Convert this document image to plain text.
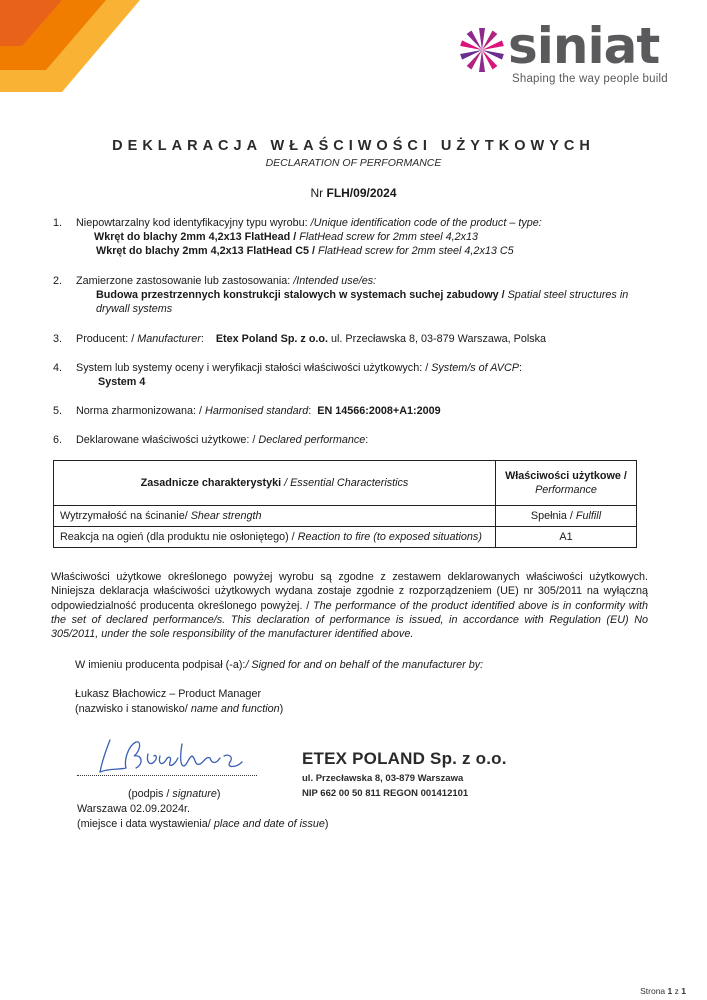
siniat
Shaping the way people build
DEKLARACJA WŁAŚCIWOŚCI UŻYTKOWYCH
DECLARATION OF PERFORMANCE
Nr FLH/09/2024
1.	Niepowtarzalny kod identyfikacyjny typu wyrobu: /Unique identification code of the product – type:
Wkręt do blachy 2mm 4,2x13 FlatHead / FlatHead screw for 2mm steel 4,2x13
Wkręt do blachy 2mm 4,2x13 FlatHead C5 / FlatHead screw for 2mm steel 4,2x13 C5
2.	Zamierzone zastosowanie lub zastosowania: /Intended use/es:
Budowa przestrzennych konstrukcji stalowych w systemach suchej zabudowy / Spatial steel structures in drywall systems
3.	Producent: / Manufacturer: Etex Poland Sp. z o.o. ul. Przecławska 8, 03-879 Warszawa, Polska
4.	System lub systemy oceny i weryfikacji stałości właściwości użytkowych: / System/s of AVCP:
System 4
5.	Norma zharmonizowana: / Harmonised standard: EN 14566:2008+A1:2009
6.	Deklarowane właściwości użytkowe: / Declared performance:
Zasadnicze charakterystyki / Essential Characteristics	Właściwości użytkowe /
Performance
Wytrzymałość na ścinanie/ Shear strength	Spełnia / Fulfill
Reakcja na ogień (dla produktu nie osłoniętego) / Reaction to fire (to exposed situations)	A1
Właściwości użytkowe określonego powyżej wyrobu są zgodne z zestawem deklarowanych właściwości użytkowych. Niniejsza deklaracja właściwości użytkowych wydana zostaje zgodnie z rozporządzeniem (UE) nr 305/2011 na wyłączną odpowiedzialność producenta określonego powyżej. / The performance of the product identified above is in conformity with the set of declared performance/s. This declaration of performance is issued, in accordance with Regulation (EU) No 305/2011, under the sole responsibility of the manufacturer identified above.
W imieniu producenta podpisał (-a):/ Signed for and on behalf of the manufacturer by:
Łukasz Błachowicz – Product Manager
(nazwisko i stanowisko/ name and function)
(podpis / signature)
Warszawa 02.09.2024r.
(miejsce i data wystawienia/ place and date of issue)
ETEX POLAND Sp. z o.o.
ul. Przecławska 8, 03-879 Warszawa
NIP 662 00 50 811 REGON 001412101
Strona 1 z 1
